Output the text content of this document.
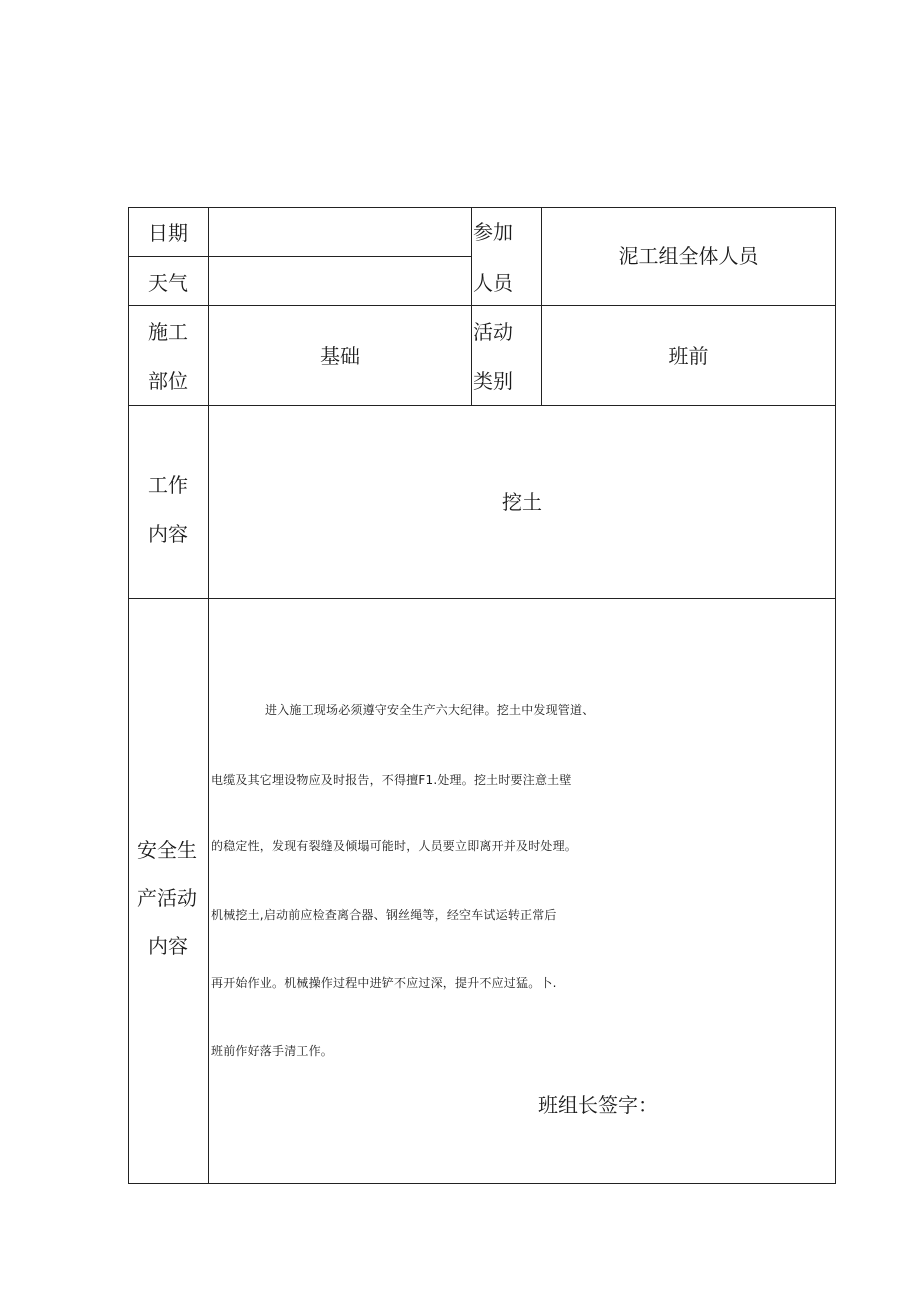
日期
天气
参加
人员
泥工组全体人员
施工
部位
基础
活动
类别
班前
工作
内容
挖土
安全生
产活动
内容
进入施工现场必须遵守安全生产六大纪律。挖土中发现管道、
电缆及其它埋设物应及时报告，不得擅F1.处理。挖土时要注意土壁
的稳定性，发现有裂缝及倾塌可能时，人员要立即离开并及时处理。
机械挖土,启动前应检查离合器、钢丝绳等，经空车试运转正常后
再开始作业。机械操作过程中进铲不应过深，提升不应过猛。卜.
班前作好落手清工作。
班组长签字：
